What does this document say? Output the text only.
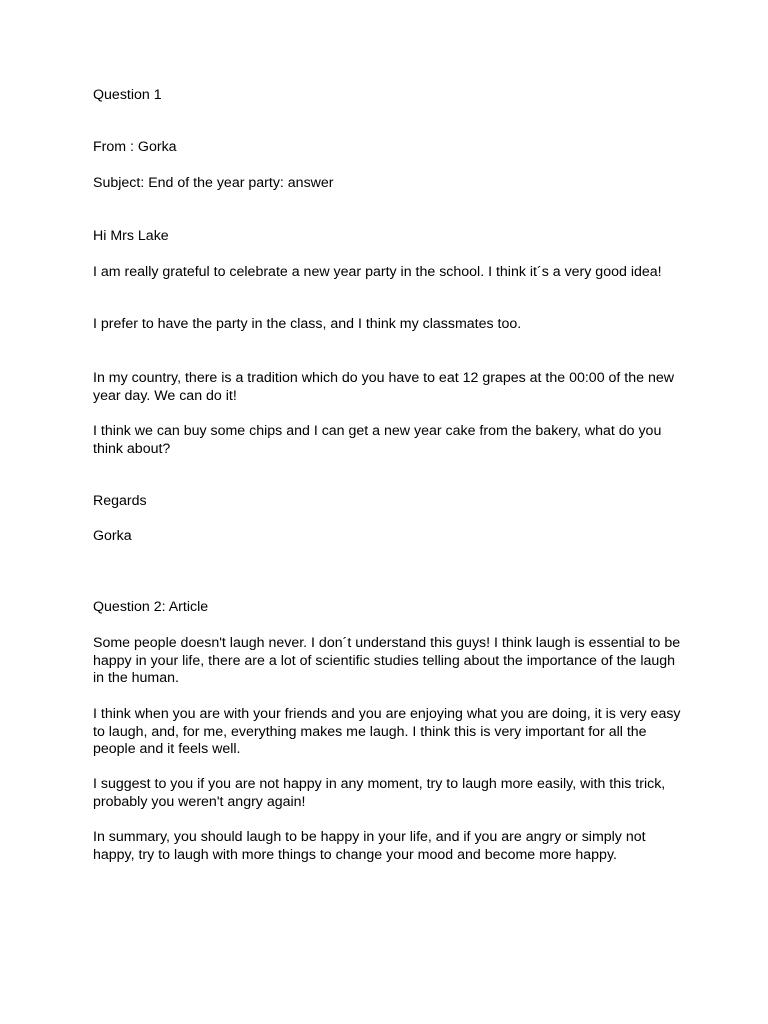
Question 1

From : Gorka

Subject: End of the year party: answer

Hi Mrs Lake

I am really grateful to celebrate a new year party in the school. I think it´s a very good idea!

I prefer to have the party in the class, and I think my classmates too.

In my country, there is a tradition which do you have to eat 12 grapes at the 00:00 of the new year day. We can do it!

I think we can buy some chips and I can get a new year cake from the bakery, what do you think about?

Regards

Gorka

Question 2: Article

Some people doesn't laugh never. I don´t understand this guys! I think laugh is essential to be happy in your life, there are a lot of scientific studies telling about the importance of the laugh in the human.

I think when you are with your friends and you are enjoying what you are doing, it is very easy to laugh, and, for me, everything makes me laugh. I think this is very important for all the people and it feels well.

I suggest to you if you are not happy in any moment, try to laugh more easily, with this trick, probably you weren't angry again!

In summary, you should laugh to be happy in your life, and if you are angry or simply not happy, try to laugh with more things to change your mood and become more happy.
